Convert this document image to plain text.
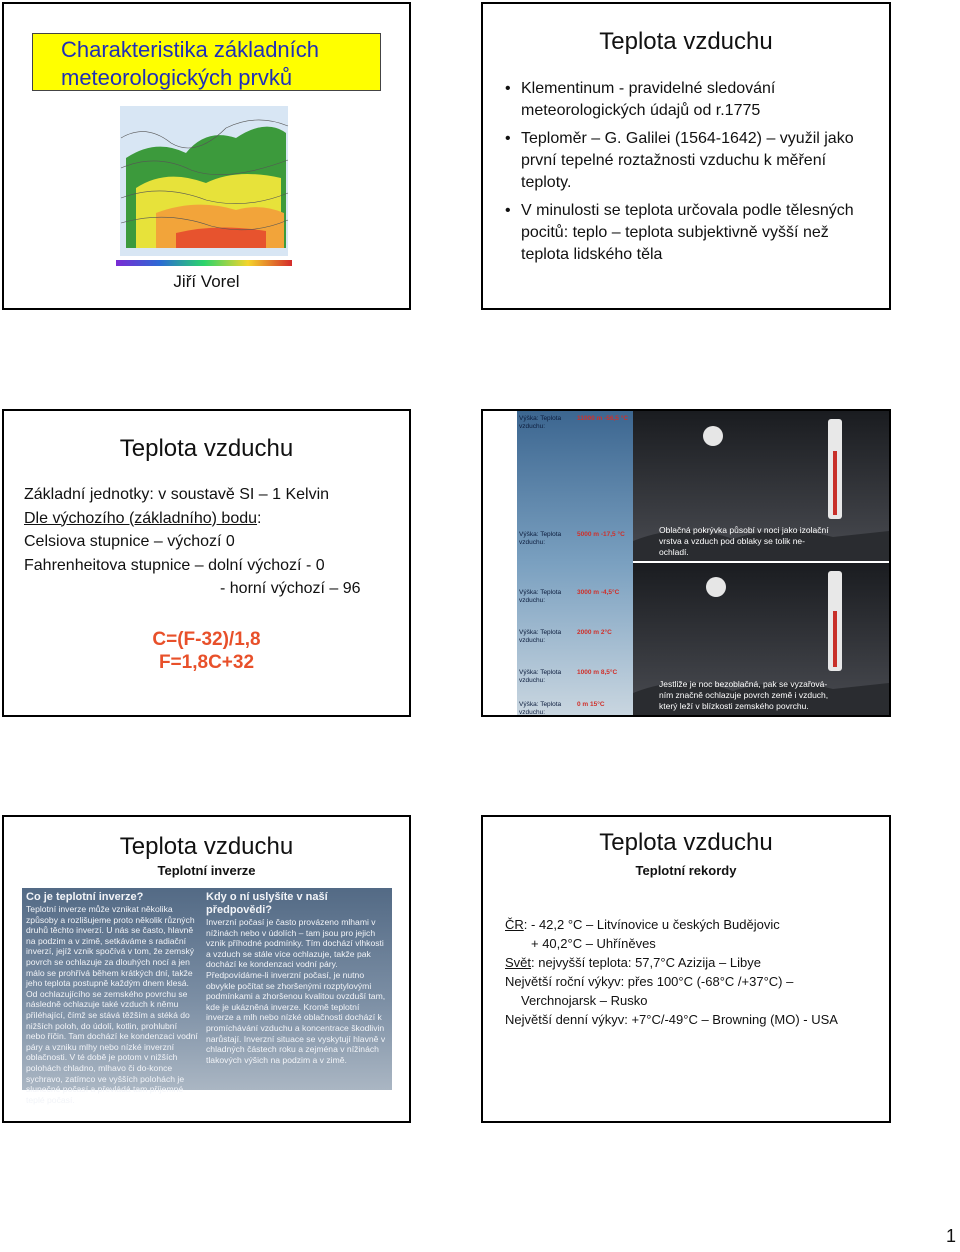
Charakteristika základních
meteorologických prvků
Jiří Vorel
Teplota vzduchu
• Klementinum - pravidelné sledování meteorologických údajů od r.1775
• Teploměr – G. Galilei (1564-1642) – využil jako první tepelné roztažnosti vzduchu k měření teploty.
• V minulosti se teplota určovala podle tělesných pocitů: teplo – teplota subjektivně vyšší než teplota lidského těla
Teplota vzduchu
Základní jednotky: v soustavě SI – 1 Kelvin
Dle výchozího (základního) bodu:
Celsiova stupnice – výchozí 0
Fahrenheitova stupnice – dolní výchozí - 0
- horní výchozí – 96
C=(F-32)/1,8
F=1,8C+32
Oblačná pokrývka působí v noci jako izolační vrstva a vzduch pod oblaky se tolik ne-ochladí.
Jestliže je noc bezoblačná, pak se vyzařová-ním značně ochlazuje povrch země i vzduch, který leží v blízkosti zemského povrchu.
Výška: Teplota vzduchu:11000 m -56,5 °C
Výška: Teplota vzduchu:5000 m -17,5 °C
Výška: Teplota vzduchu:3000 m -4,5°C
Výška: Teplota vzduchu:2000 m 2°C
Výška: Teplota vzduchu:1000 m 8,5°C
Výška: Teplota vzduchu:0 m 15°C
Teplota vzduchu
Teplotní inverze
Co je teplotní inverze?
Teplotní inverze může vznikat několika způsoby a rozlišujeme proto několik různých druhů těchto inverzí. U nás se často, hlavně na podzim a v zimě, setkáváme s radiační inverzí, jejíž vznik spočívá v tom, že zemský povrch se ochlazuje za dlouhých nocí a jen málo se prohřívá během krátkých dní, takže jeho teplota postupně každým dnem klesá. Od ochlazujícího se zemského povrchu se následně ochlazuje také vzduch k němu přiléhající, čímž se stává těžším a stéká do nižších poloh, do údolí, kotlin, prohlubní nebo říčin. Tam dochází ke kondenzaci vodní páry a vzniku mlhy nebo nízké inverzní oblačnosti. V té době je potom v nižších polohách chladno, mlhavo či do-konce sychravo, zatímco ve vyšších polohách je slunečné počasí a převládá tam příjemné teplé počasí.
Kdy o ní uslyšíte v naší předpovědi?
Inverzní počasí je často provázeno mlhami v nížinách nebo v údolích – tam jsou pro jejich vznik příhodné podmínky. Tím dochází vlhkosti a vzduch se stále více ochlazuje, takže pak dochází ke kondenzaci vodní páry. Předpovídáme-li inverzní počasí, je nutno obvykle počítat se zhoršenými rozptylovými podmínkami a zhoršenou kvalitou ovzduší tam, kde je ukázněná inverze. Kromě teplotní inverze a mlh nebo nízké oblačnosti dochází k promíchávání vzduchu a koncentrace škodlivin narůstají. Inverzní situace se vyskytují hlavně v chladných částech roku a zejména v nížinách tlakových výšich na podzim a v zimě.
Teplota vzduchu
Teplotní rekordy
ČR: - 42,2 °C – Litvínovice u českých Budějovic
+ 40,2°C – Uhříněves
Svět: nejvyšší teplota: 57,7°C Azizija – Libye
Největší roční výkyv: přes 100°C (-68°C /+37°C) –
Verchnojarsk – Rusko
Největší denní výkyv: +7°C/-49°C – Browning (MO) - USA
1
